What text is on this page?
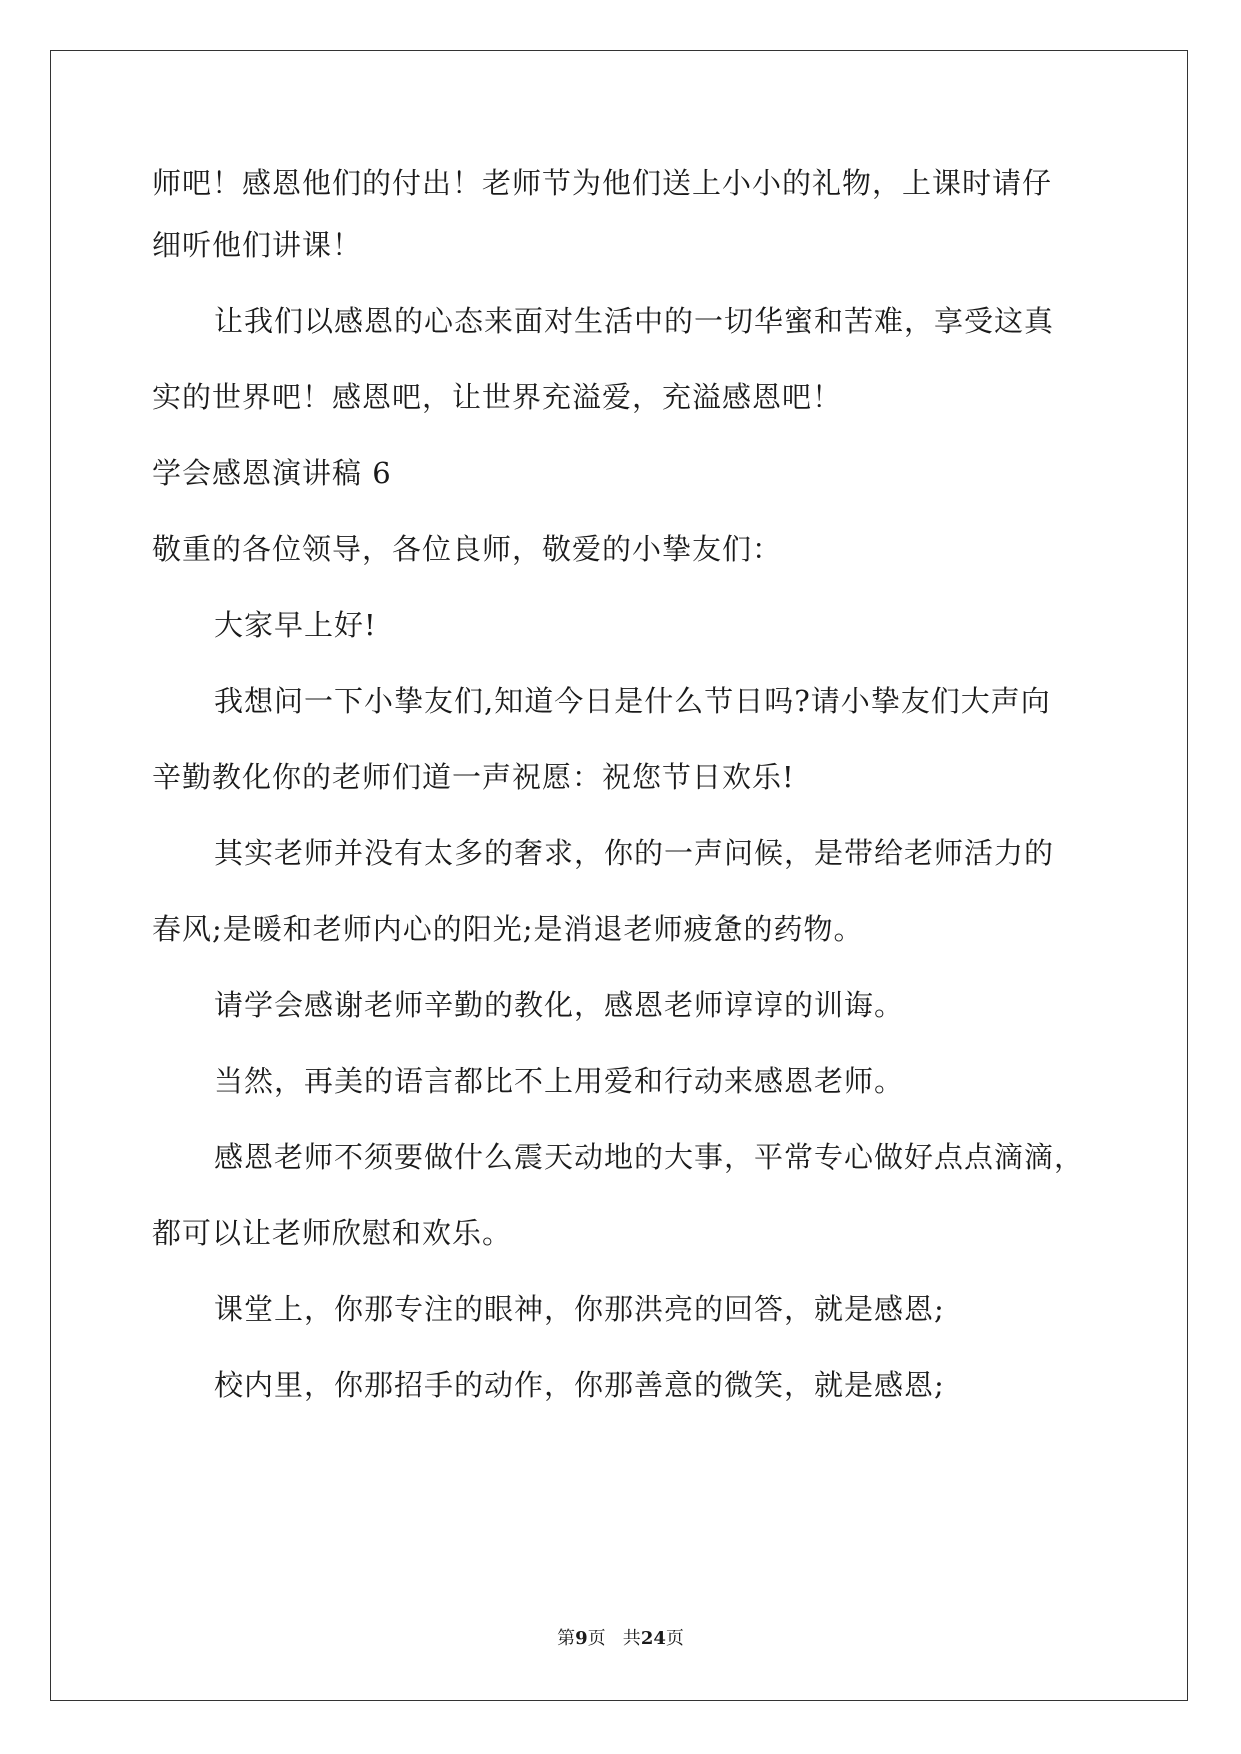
师吧！感恩他们的付出！老师节为他们送上小小的礼物，上课时请仔
细听他们讲课！
让我们以感恩的心态来面对生活中的一切华蜜和苦难，享受这真
实的世界吧！感恩吧，让世界充溢爱，充溢感恩吧！
学会感恩演讲稿 6
敬重的各位领导，各位良师，敬爱的小挚友们：
大家早上好!
我想问一下小挚友们,知道今日是什么节日吗?请小挚友们大声向
辛勤教化你的老师们道一声祝愿：祝您节日欢乐!
其实老师并没有太多的奢求，你的一声问候，是带给老师活力的
春风;是暖和老师内心的阳光;是消退老师疲惫的药物。
请学会感谢老师辛勤的教化，感恩老师谆谆的训诲。
当然，再美的语言都比不上用爱和行动来感恩老师。
感恩老师不须要做什么震天动地的大事，平常专心做好点点滴滴，
都可以让老师欣慰和欢乐。
课堂上，你那专注的眼神，你那洪亮的回答，就是感恩;
校内里，你那招手的动作，你那善意的微笑，就是感恩;
第9页   共24页
